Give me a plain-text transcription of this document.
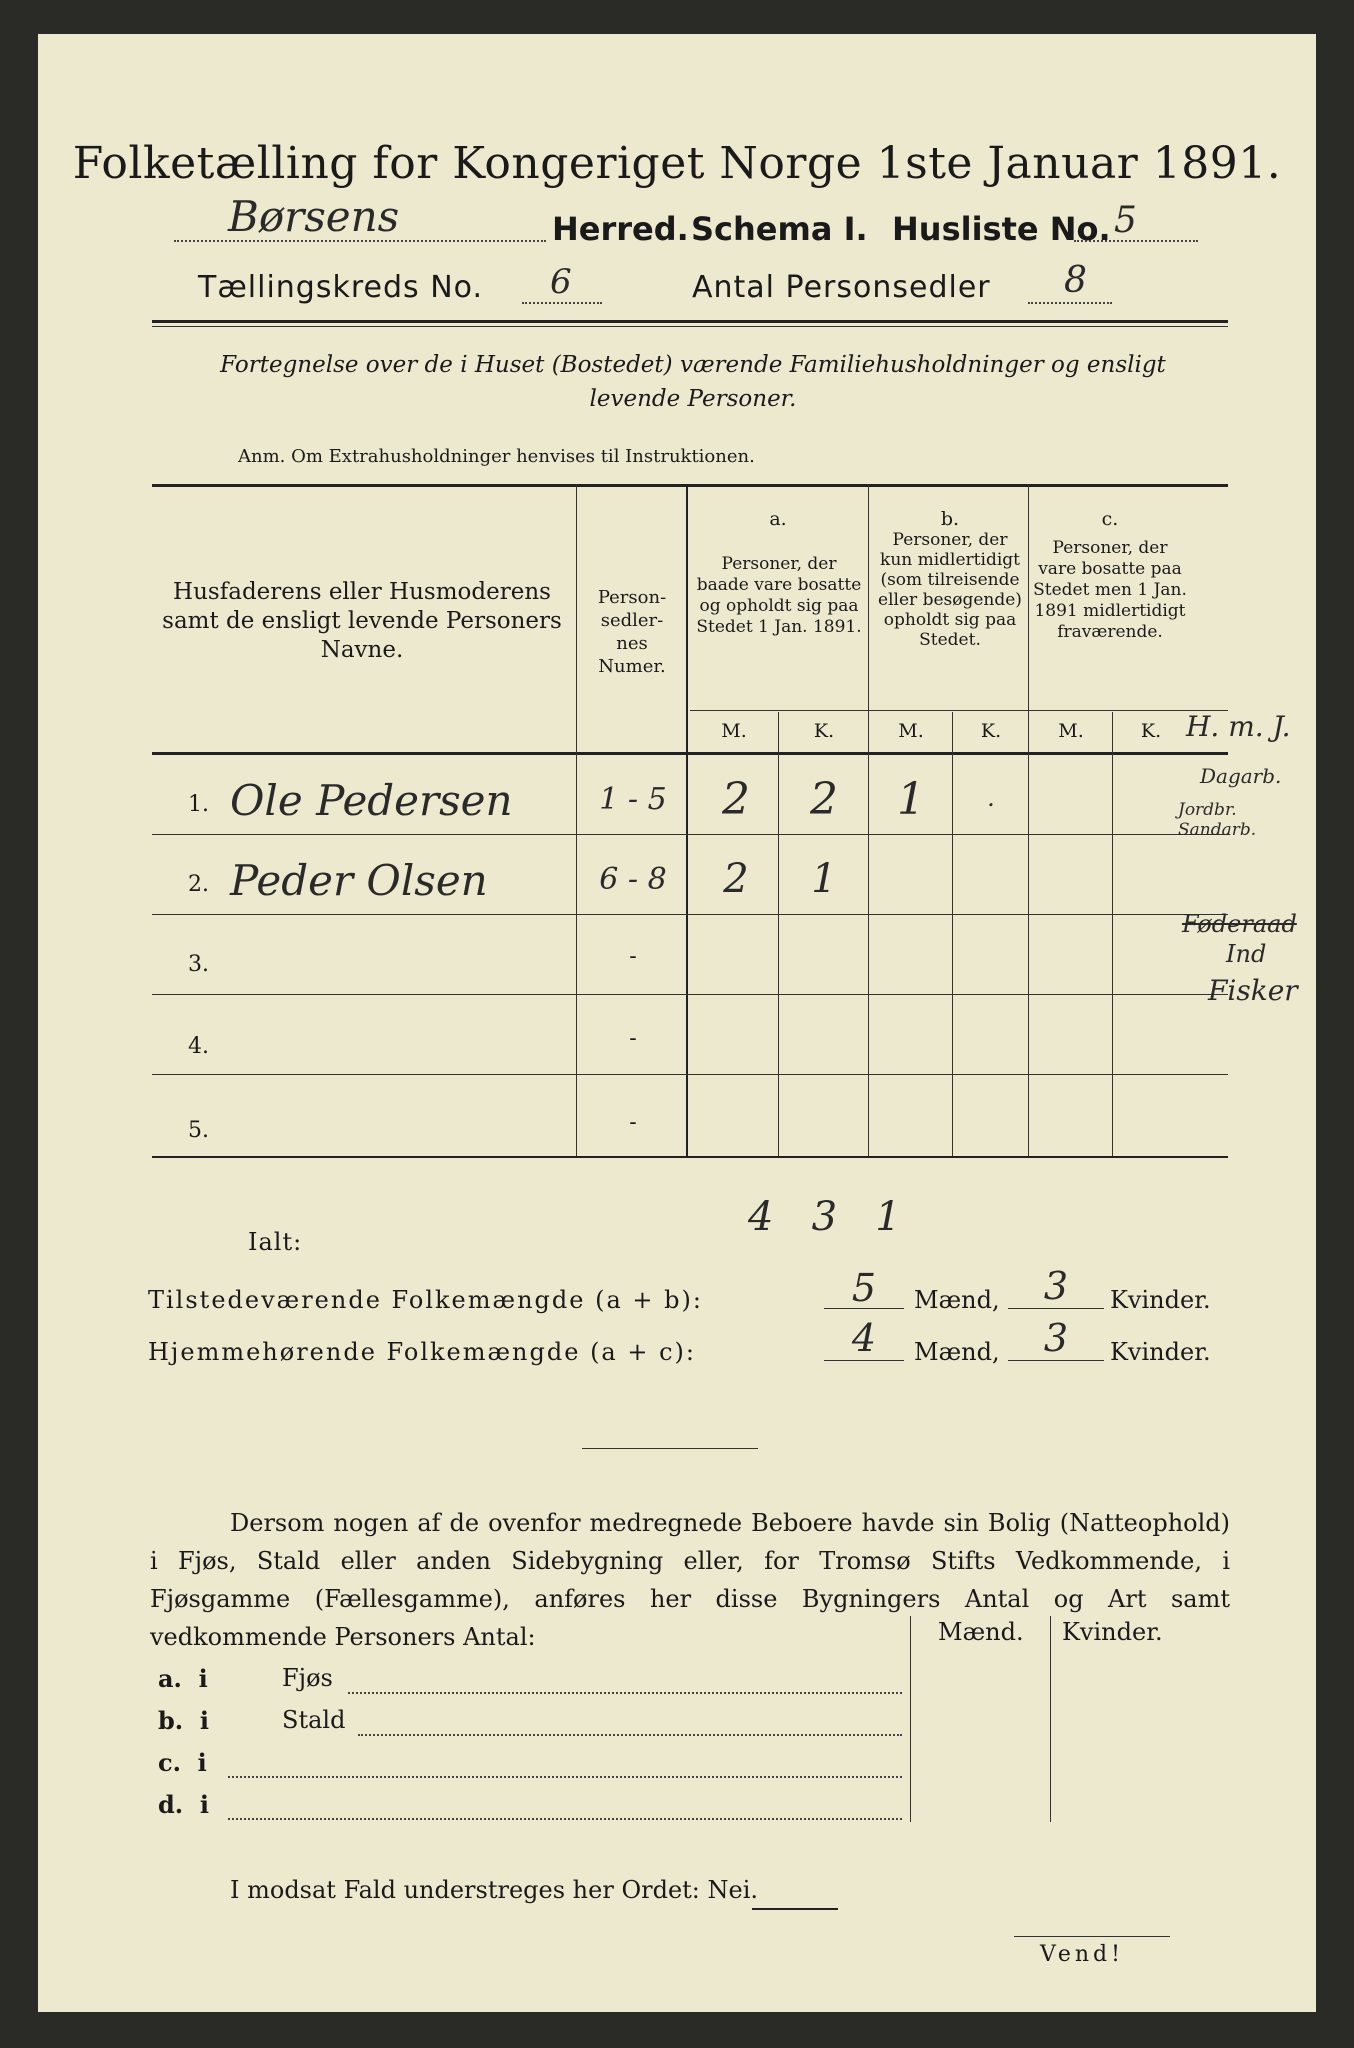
Folketælling for Kongeriget Norge 1ste Januar 1891.
Børsens	Herred. Schema I. Husliste No. 5
Tællingskreds No. 6	Antal Personsedler 8
Fortegnelse over de i Huset (Bostedet) værende Familiehusholdninger og ensligt
levende Personer.
Anm. Om Extrahusholdninger henvises til Instruktionen.
Husfaderens eller Husmoderens samt de ensligt levende Personers Navne.
Person-sedler-nes Numer.
a.
Personer, der baade vare bosatte og opholdt sig paa Stedet 1 Jan. 1891.
b.
Personer, der kun midlertidigt (som tilreisende eller besøgende) opholdt sig paa Stedet.
c.
Personer, der vare bosatte paa Stedet men 1 Jan. 1891 midlertidigt fraværende.
M.	K.	M.	K.	M.	K. H. m. J.
1. Ole Pedersen	1 - 5	2	2	1	.
2. Peder Olsen	6 - 8	2	1
3.	-
4.	-
5.	-
Dagarb.
Jordbr. Sandarb.
Føderaad
Ind
Fisker
Ialt:
4   3   1
Tilstedeværende Folkemængde (a + b):	5	Mænd,	3	Kvinder.
Hjemmehørende Folkemængde (a + c):	4	Mænd,	3	Kvinder.
Dersom nogen af de ovenfor medregnede Beboere havde sin Bolig (Natteophold) i Fjøs, Stald eller anden Sidebygning eller, for Tromsø Stifts Vedkommende, i Fjøsgamme (Fællesgamme), anføres her disse Bygningers Antal og Art samt vedkommende Personers Antal:	Mænd. Kvinder.
a.  i	Fjøs
b.  i	Stald
c.  i
d.  i
I modsat Fald understreges her Ordet: Nei.
Vend!
